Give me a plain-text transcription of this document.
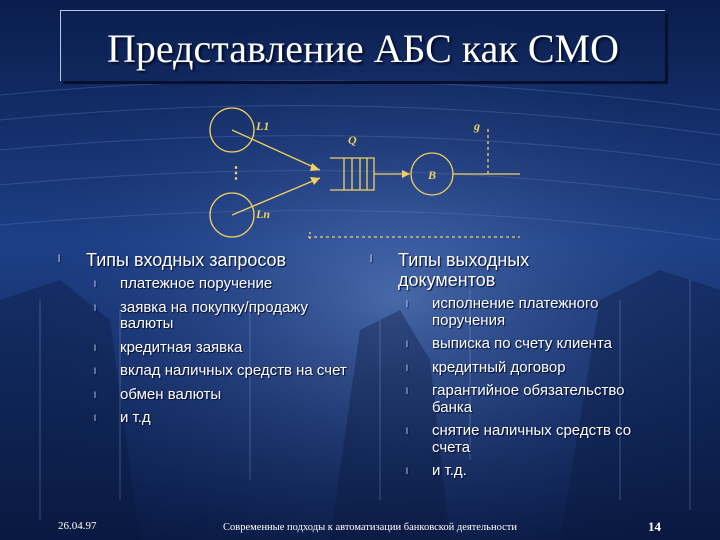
Представление АБС как СМО
L1
Ln
Q
B
g
⋮
l	Типы входных запросов
l	платежное поручение
l	заявка на покупку/продажу валюты
l	кредитная заявка
l	вклад наличных средств на счет
l	обмен валюты
l	и т.д
l	Типы выходных документов
l	исполнение платежного поручения
l	выписка по счету клиента
l	кредитный договор
l	гарантийное обязательство банка
l	снятие наличных средств со счета
l	и т.д.
26.04.97	Современные подходы к автоматизации банковской деятельности	14
